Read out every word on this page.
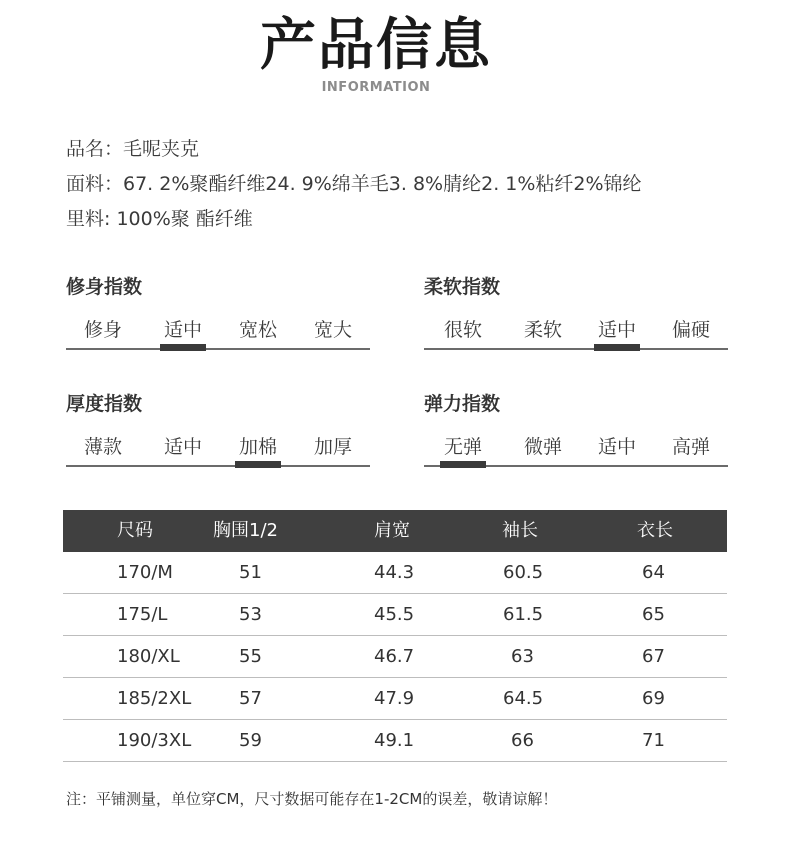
产品信息
INFORMATION
品名：毛呢夹克
面料：67. 2%聚酯纤维24. 9%绵羊毛3. 8%腈纶2. 1%粘纤2%锦纶
里料: 100%聚 酯纤维
修身指数
修身	适中	宽松	宽大
柔软指数
很软	柔软	适中	偏硬
厚度指数
薄款	适中	加棉	加厚
弹力指数
无弹	微弹	适中	高弹
尺码	胸围1/2	肩宽	袖长	衣长
170/M	51	44.3	60.5	64
175/L	53	45.5	61.5	65
180/XL	55	46.7	63	67
185/2XL	57	47.9	64.5	69
190/3XL	59	49.1	66	71
注：平铺测量，单位穿CM，尺寸数据可能存在1-2CM的误差，敬请谅解！
